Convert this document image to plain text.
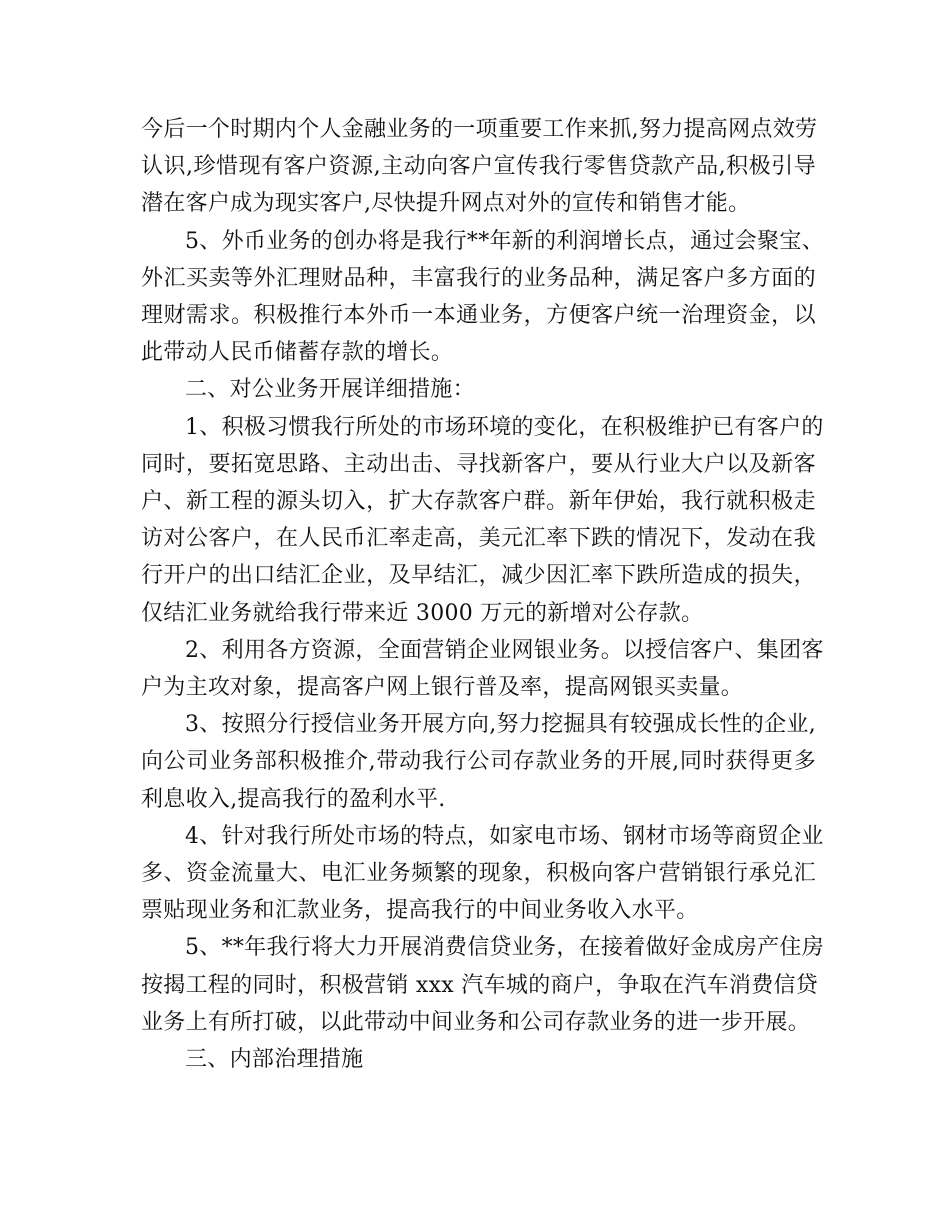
今后一个时期内个人金融业务的一项重要工作来抓,努力提高网点效劳
认识,珍惜现有客户资源,主动向客户宣传我行零售贷款产品,积极引导
潜在客户成为现实客户,尽快提升网点对外的宣传和销售才能。
5、外币业务的创办将是我行**年新的利润增长点，通过会聚宝、
外汇买卖等外汇理财品种，丰富我行的业务品种，满足客户多方面的
理财需求。积极推行本外币一本通业务，方便客户统一治理资金，以
此带动人民币储蓄存款的增长。
二、对公业务开展详细措施：
1、积极习惯我行所处的市场环境的变化，在积极维护已有客户的
同时，要拓宽思路、主动出击、寻找新客户，要从行业大户以及新客
户、新工程的源头切入，扩大存款客户群。新年伊始，我行就积极走
访对公客户，在人民币汇率走高，美元汇率下跌的情况下，发动在我
行开户的出口结汇企业，及早结汇，减少因汇率下跌所造成的损失，
仅结汇业务就给我行带来近 3000 万元的新增对公存款。
2、利用各方资源，全面营销企业网银业务。以授信客户、集团客
户为主攻对象，提高客户网上银行普及率，提高网银买卖量。
3、按照分行授信业务开展方向,努力挖掘具有较强成长性的企业,
向公司业务部积极推介,带动我行公司存款业务的开展,同时获得更多
利息收入,提高我行的盈利水平.
4、针对我行所处市场的特点，如家电市场、钢材市场等商贸企业
多、资金流量大、电汇业务频繁的现象，积极向客户营销银行承兑汇
票贴现业务和汇款业务，提高我行的中间业务收入水平。
5、**年我行将大力开展消费信贷业务，在接着做好金成房产住房
按揭工程的同时，积极营销 xxx 汽车城的商户，争取在汽车消费信贷
业务上有所打破，以此带动中间业务和公司存款业务的进一步开展。
三、内部治理措施
